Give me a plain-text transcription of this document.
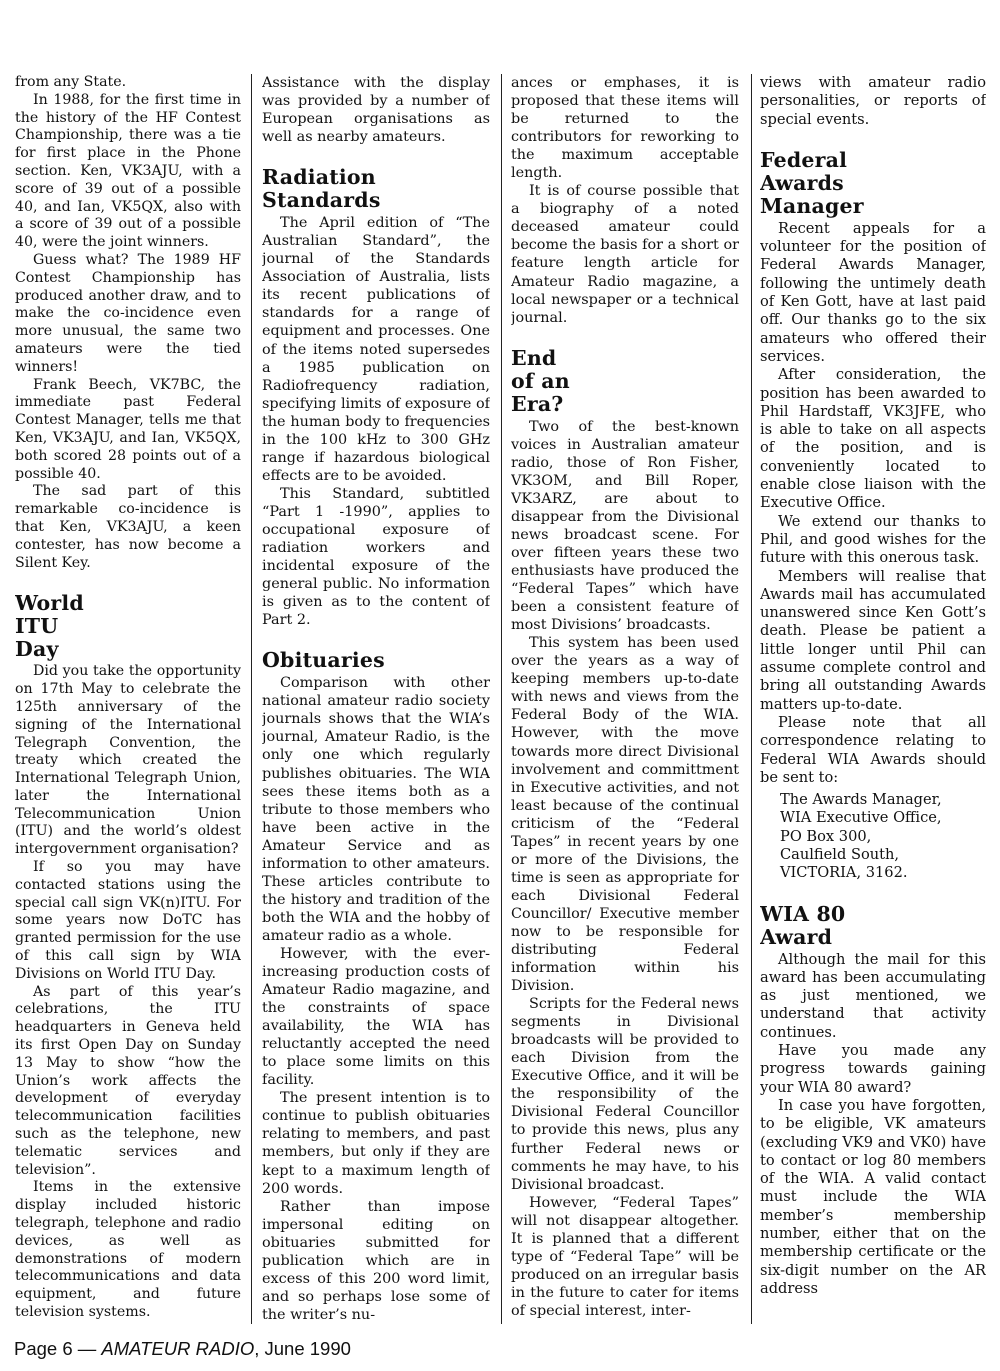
from any State.

In 1988, for the first time in the history of the HF Contest Championship, there was a tie for first place in the Phone section. Ken, VK3AJU, with a score of 39 out of a possible 40, and Ian, VK5QX, also with a score of 39 out of a possible 40, were the joint winners.

Guess what? The 1989 HF Contest Championship has produced another draw, and to make the co-incidence even more unusual, the same two amateurs were the tied winners!

Frank Beech, VK7BC, the immediate past Federal Contest Manager, tells me that Ken, VK3AJU, and Ian, VK5QX, both scored 28 points out of a possible 40.

The sad part of this remarkable co-incidence is that Ken, VK3AJU, a keen contester, has now become a Silent Key.

World
ITU
Day

Did you take the opportunity on 17th May to celebrate the 125th anniversary of the signing of the International Telegraph Convention, the treaty which created the International Telegraph Union, later the International Telecommunication Union (ITU) and the world’s oldest intergovernment organisation?

If so you may have contacted stations using the special call sign VK(n)ITU. For some years now DoTC has granted permission for the use of this call sign by WIA Divisions on World ITU Day.

As part of this year’s celebrations, the ITU headquarters in Geneva held its first Open Day on Sunday 13 May to show “how the Union’s work affects the development of everyday telecommunication facilities such as the telephone, new telematic services and television”.

Items in the extensive display included historic telegraph, telephone and radio devices, as well as demonstrations of modern telecommunications and data equipment, and future television systems.

Assistance with the display was provided by a number of European organisations as well as nearby amateurs.

Radiation
Standards

The April edition of “The Australian Standard”, the journal of the Standards Association of Australia, lists its recent publications of standards for a range of equipment and processes. One of the items noted supersedes a 1985 publication on Radiofrequency radiation, specifying limits of exposure of the human body to frequencies in the 100 kHz to 300 GHz range if hazardous biological effects are to be avoided.

This Standard, subtitled “Part 1 -1990”, applies to occupational exposure of radiation workers and incidental exposure of the general public. No information is given as to the content of Part 2.

Obituaries

Comparison with other national amateur radio society journals shows that the WIA’s journal, Amateur Radio, is the only one which regularly publishes obituaries. The WIA sees these items both as a tribute to those members who have been active in the Amateur Service and as information to other amateurs. These articles contribute to the history and tradition of the both the WIA and the hobby of amateur radio as a whole.

However, with the ever-increasing production costs of Amateur Radio magazine, and the constraints of space availability, the WIA has reluctantly accepted the need to place some limits on this facility.

The present intention is to continue to publish obituaries relating to members, and past members, but only if they are kept to a maximum length of 200 words.

Rather than impose impersonal editing on obituaries submitted for publication which are in excess of this 200 word limit, and so perhaps lose some of the writer’s nu-

ances or emphases, it is proposed that these items will be returned to the contributors for reworking to the maximum acceptable length.

It is of course possible that a biography of a noted deceased amateur could become the basis for a short or feature length article for Amateur Radio magazine, a local newspaper or a technical journal.

End
of an
Era?

Two of the best-known voices in Australian amateur radio, those of Ron Fisher, VK3OM, and Bill Roper, VK3ARZ, are about to disappear from the Divisional news broadcast scene. For over fifteen years these two enthusiasts have produced the “Federal Tapes” which have been a consistent feature of most Divisions’ broadcasts.

This system has been used over the years as a way of keeping members up-to-date with news and views from the Federal Body of the WIA. However, with the move towards more direct Divisional involvement and committment in Executive activities, and not least because of the continual criticism of the “Federal Tapes” in recent years by one or more of the Divisions, the time is seen as appropriate for each Divisional Federal Councillor/ Executive member now to be responsible for distributing Federal information within his Division.

Scripts for the Federal news segments in Divisional broadcasts will be provided to each Division from the Executive Office, and it will be the responsibility of the Divisional Federal Councillor to provide this news, plus any further Federal news or comments he may have, to his Divisional broadcast.

However, “Federal Tapes” will not disappear altogether. It is planned that a different type of “Federal Tape” will be produced on an irregular basis in the future to cater for items of special interest, inter-

views with amateur radio personalities, or reports of special events.

Federal
Awards
Manager

Recent appeals for a volunteer for the position of Federal Awards Manager, following the untimely death of Ken Gott, have at last paid off. Our thanks go to the six amateurs who offered their services.

After consideration, the position has been awarded to Phil Hardstaff, VK3JFE, who is able to take on all aspects of the position, and is conveniently located to enable close liaison with the Executive Office.

We extend our thanks to Phil, and good wishes for the future with this onerous task.

Members will realise that Awards mail has accumulated unanswered since Ken Gott’s death. Please be patient a little longer until Phil can assume complete control and bring all outstanding Awards matters up-to-date.

Please note that all correspondence relating to Federal WIA Awards should be sent to:

The Awards Manager,
WIA Executive Office,
PO Box 300,
Caulfield South,
VICTORIA, 3162.
WIA 80
Award

Although the mail for this award has been accumulating as just mentioned, we understand that activity continues.

Have you made any progress towards gaining your WIA 80 award?

In case you have forgotten, to be eligible, VK amateurs (excluding VK9 and VK0) have to contact or log 80 members of the WIA. A valid contact must include the WIA member’s membership number, either that on the membership certificate or the six-digit number on the AR address

Page 6 — AMATEUR RADIO, June 1990
